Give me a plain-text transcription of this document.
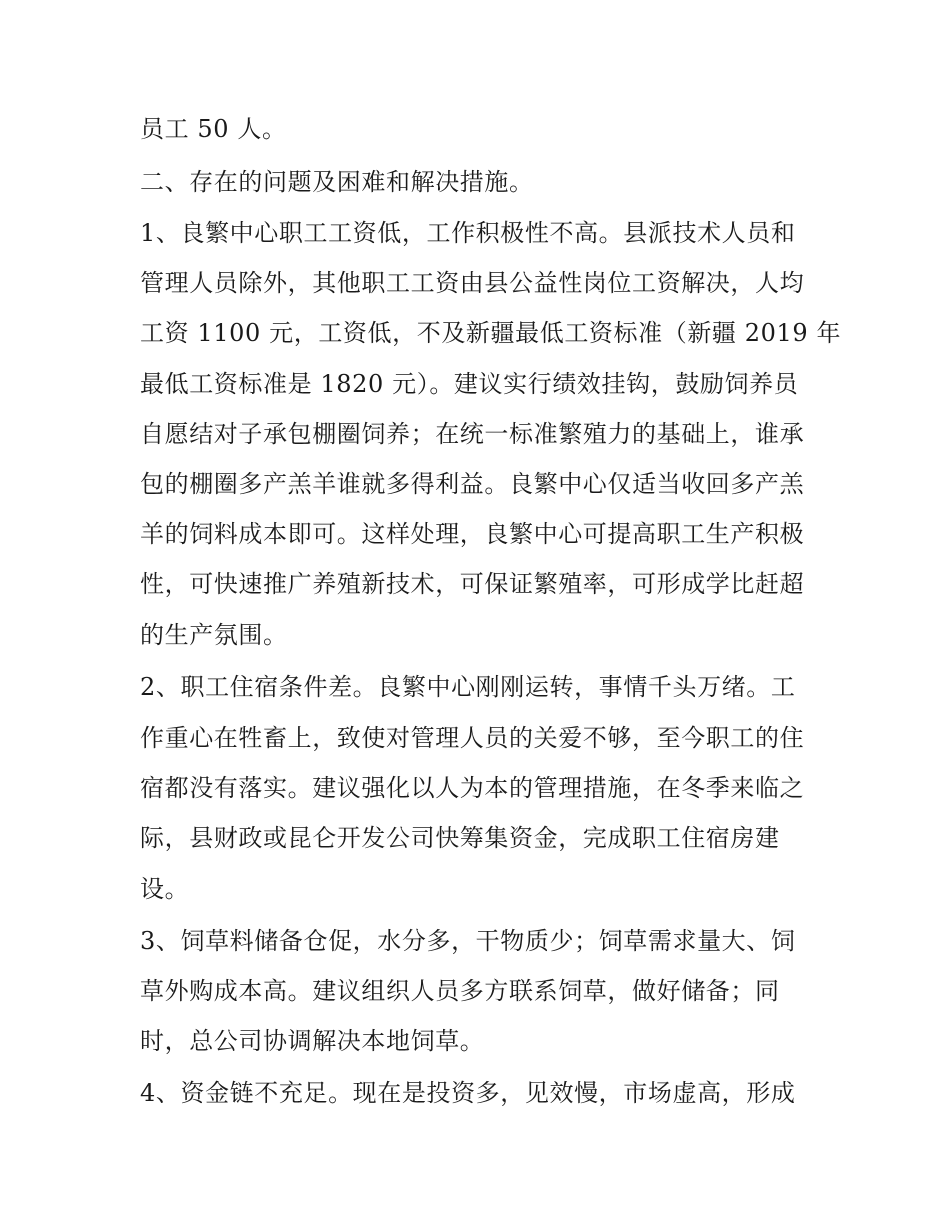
员工 50 人。
二、存在的问题及困难和解决措施。
1、良繁中心职工工资低，工作积极性不高。县派技术人员和
管理人员除外，其他职工工资由县公益性岗位工资解决，人均
工资 1100 元，工资低，不及新疆最低工资标准（新疆 2019 年
最低工资标准是 1820 元）。建议实行绩效挂钩，鼓励饲养员
自愿结对子承包棚圈饲养；在统一标准繁殖力的基础上，谁承
包的棚圈多产羔羊谁就多得利益。良繁中心仅适当收回多产羔
羊的饲料成本即可。这样处理，良繁中心可提高职工生产积极
性，可快速推广养殖新技术，可保证繁殖率，可形成学比赶超
的生产氛围。
2、职工住宿条件差。良繁中心刚刚运转，事情千头万绪。工
作重心在牲畜上，致使对管理人员的关爱不够，至今职工的住
宿都没有落实。建议强化以人为本的管理措施，在冬季来临之
际，县财政或昆仑开发公司快筹集资金，完成职工住宿房建
设。
3、饲草料储备仓促，水分多，干物质少；饲草需求量大、饲
草外购成本高。建议组织人员多方联系饲草，做好储备；同
时，总公司协调解决本地饲草。
4、资金链不充足。现在是投资多，见效慢，市场虚高，形成
